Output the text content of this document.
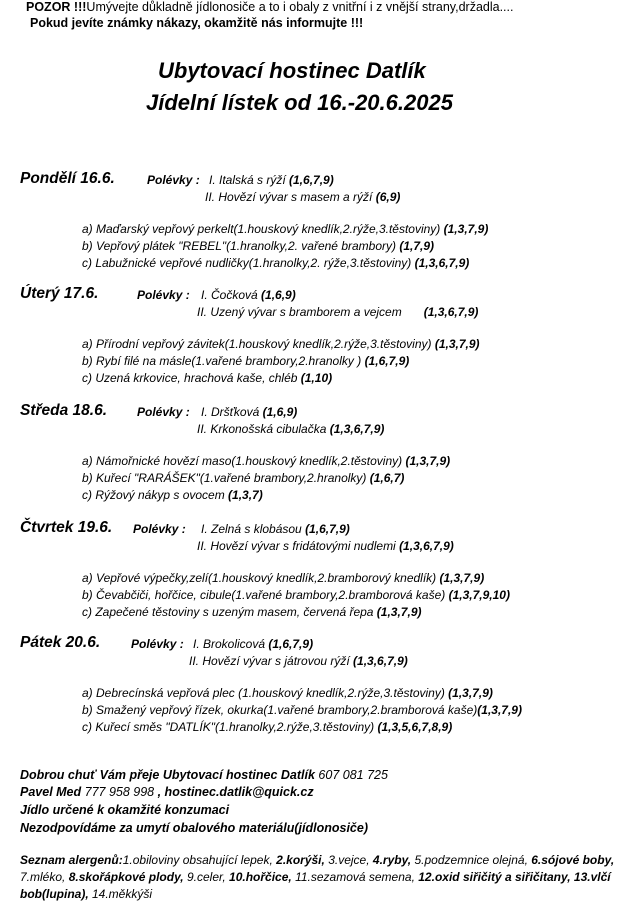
POZOR !!!Umývejte důkladně jídlonosiče a to i obaly z vnitřní i z vnější strany,držadla....
Pokud jevíte známky nákazy, okamžitě nás informujte !!!
Ubytovací hostinec Datlík
Jídelní lístek od 16.-20.6.2025
Pondělí 16.6.	Polévky : I. Italská s rýží (1,6,7,9)
II. Hovězí vývar s masem a rýží (6,9)
a) Maďarský vepřový perkelt(1.houskový knedlík,2.rýže,3.těstoviny) (1,3,7,9)
b) Vepřový plátek "REBEL"(1.hranolky,2. vařené brambory) (1,7,9)
c) Labužnické vepřové nudličky(1.hranolky,2. rýže,3.těstoviny) (1,3,6,7,9)
Úterý 17.6.	Polévky : I. Čočková (1,6,9)
II. Uzený vývar s bramborem a vejcem (1,3,6,7,9)
a) Přírodní vepřový závitek(1.houskový knedlík,2.rýže,3.těstoviny) (1,3,7,9)
b) Rybí filé na másle(1.vařené brambory,2.hranolky ) (1,6,7,9)
c) Uzená krkovice, hrachová kaše, chléb (1,10)
Středa 18.6. Polévky : I. Dršťková (1,6,9)
II. Krkonošská cibulačka (1,3,6,7,9)
a) Námořnické hovězí maso(1.houskový knedlík,2.těstoviny) (1,3,7,9)
b) Kuřecí "RARÁŠEK"(1.vařené brambory,2.hranolky) (1,6,7)
c) Rýžový nákyp s ovocem (1,3,7)
Čtvrtek 19.6. Polévky : I. Zelná s klobásou (1,6,7,9)
II. Hovězí vývar s fridátovými nudlemi (1,3,6,7,9)
a) Vepřové výpečky,zelí(1.houskový knedlík,2.bramborový knedlík) (1,3,7,9)
b) Čevabčiči, hořčice, cibule(1.vařené brambory,2.bramborová kaše) (1,3,7,9,10)
c) Zapečené těstoviny s uzeným masem, červená řepa (1,3,7,9)
Pátek 20.6.	Polévky : I. Brokolicová (1,6,7,9)
II. Hovězí vývar s játrovou rýží (1,3,6,7,9)
a) Debrecínská vepřová plec (1.houskový knedlík,2.rýže,3.těstoviny) (1,3,7,9)
b) Smažený vepřový řízek, okurka(1.vařené brambory,2.bramborová kaše)(1,3,7,9)
c) Kuřecí směs "DATLÍK"(1.hranolky,2.rýže,3.těstoviny) (1,3,5,6,7,8,9)
Dobrou chuť Vám přeje Ubytovací hostinec Datlík 607 081 725
Pavel Med 777 958 998 , hostinec.datlik@quick.cz
Jídlo určené k okamžité konzumaci
Nezodpovídáme za umytí obalového materiálu(jídlonosiče)
Seznam alergenů:1.obiloviny obsahující lepek, 2.korýši, 3.vejce, 4.ryby, 5.podzemnice olejná, 6.sójové boby, 7.mléko, 8.skořápkové plody, 9.celer, 10.hořčice, 11.sezamová semena, 12.oxid siřičitý a siřičitany, 13.vlčí bob(lupina), 14.měkkýši
